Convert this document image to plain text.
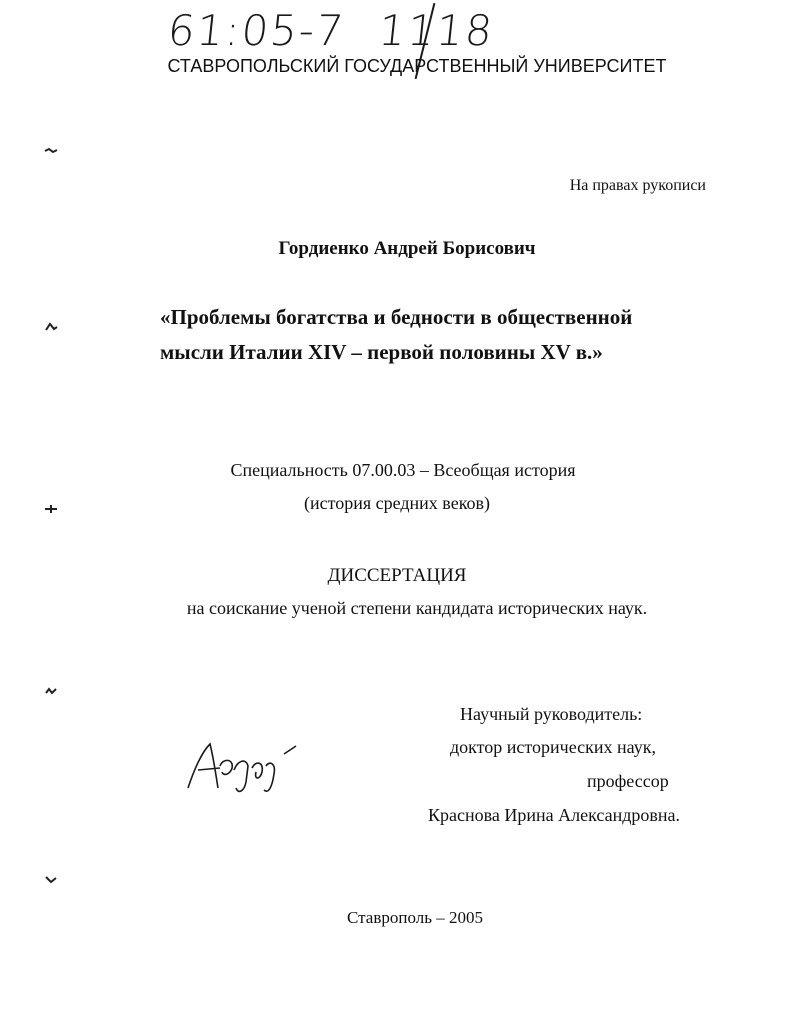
61:05-7 1118
СТАВРОПОЛЬСКИЙ ГОСУДАРСТВЕННЫЙ УНИВЕРСИТЕТ
На правах рукописи
Гордиенко Андрей Борисович
«Проблемы богатства и бедности в общественной
мысли Италии XIV – первой половины XV в.»
Специальность 07.00.03 – Всеобщая история
(история средних веков)
ДИССЕРТАЦИЯ
на соискание ученой степени кандидата исторических наук.
Научный руководитель:
доктор исторических наук,
профессор
Краснова Ирина Александровна.
Ставрополь – 2005
